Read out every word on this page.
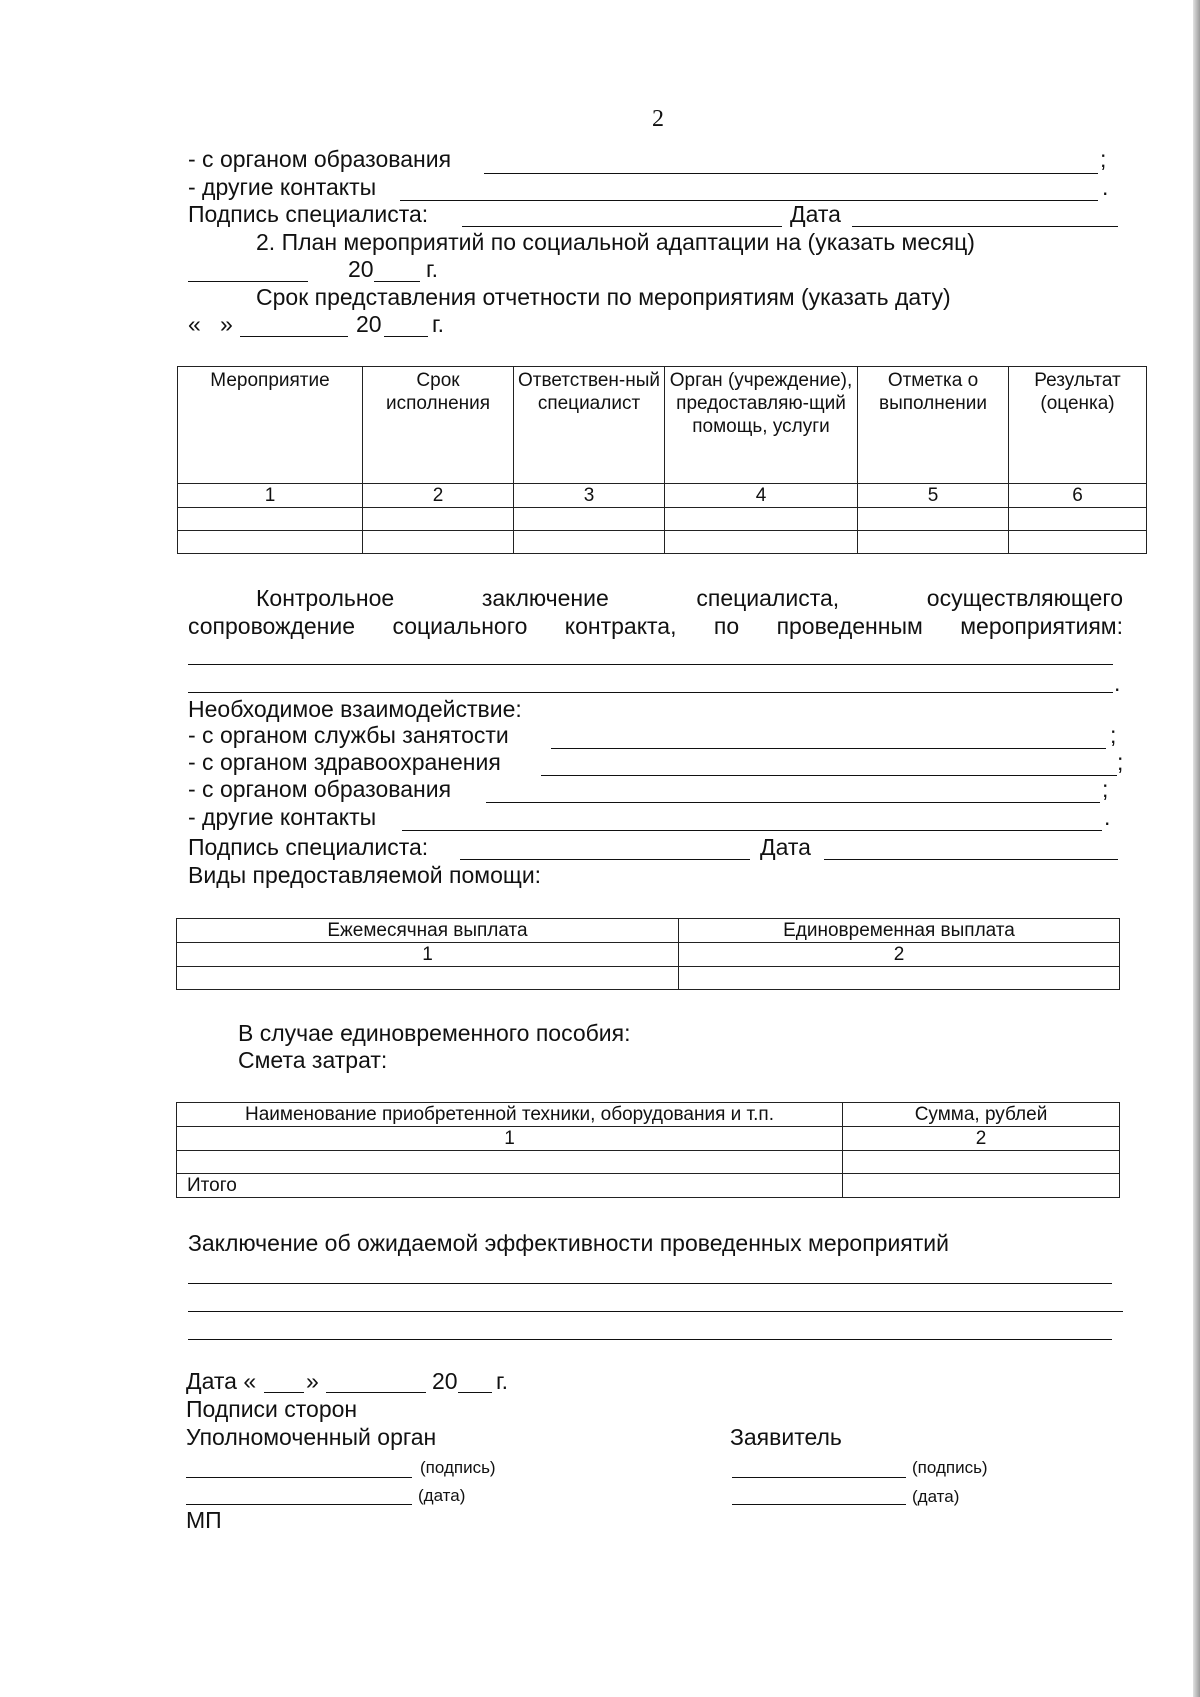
2
- с органом образования	;
- другие контакты	.
Подпись специалиста:	Дата
2. План мероприятий по социальной адаптации на (указать месяц)
20 г.
Срок представления отчетности по мероприятиям (указать дату)
«   »	20 г.
Мероприятие	Срок исполнения	Ответствен-ный специалист	Орган (учреждение), предоставляю-щий помощь, услуги	Отметка о выполнении	Результат (оценка)
1	2	3	4	5	6

Контрольное	заключение	специалиста,	осуществляющего
сопровождение социального контракта, по проведенным мероприятиям:
.
Необходимое взаимодействие:
- с органом службы занятости	;
- с органом здравоохранения	;
- с органом образования	;
- другие контакты	.
Подпись специалиста:	Дата
Виды предоставляемой помощи:
Ежемесячная выплата	Единовременная выплата
1	2

В случае единовременного пособия:
Смета затрат:
Наименование приобретенной техники, оборудования и т.п.	Сумма, рублей
1	2

Итого	
Заключение об ожидаемой эффективности проведенных мероприятий
Дата « »	20 г.
Подписи сторон
Уполномоченный орган	Заявитель
(подпись)	(подпись)
(дата)	(дата)
МП
